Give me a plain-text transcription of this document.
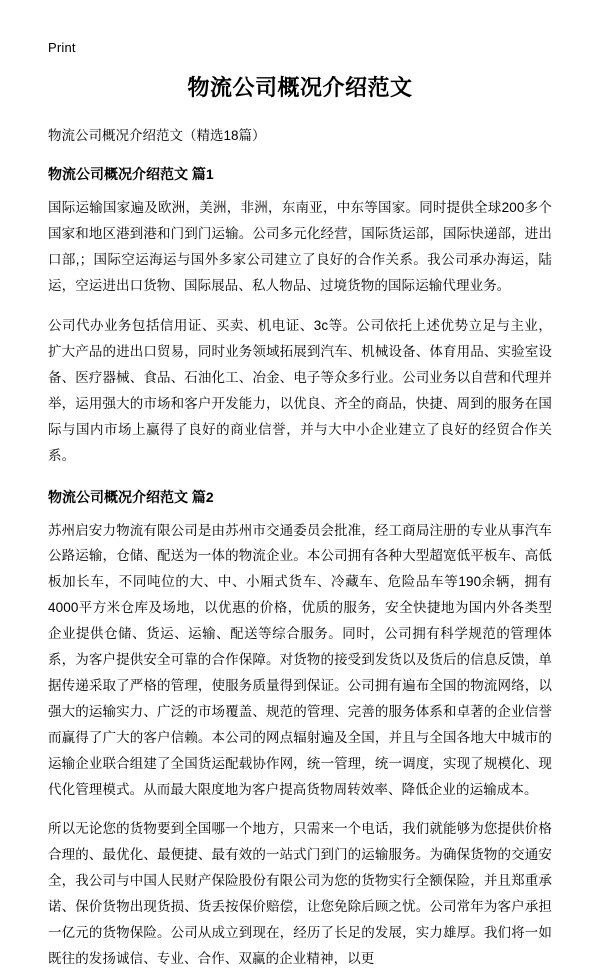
Print
物流公司概况介绍范文

物流公司概况介绍范文（精选18篇）

物流公司概况介绍范文 篇1

国际运输国家遍及欧洲，美洲，非洲，东南亚，中东等国家。同时提供全球200多个国家和地区港到港和门到门运输。公司多元化经营，国际货运部，国际快递部，进出口部,；国际空运海运与国外多家公司建立了良好的合作关系。我公司承办海运，陆运，空运进出口货物、国际展品、私人物品、过境货物的国际运输代理业务。

公司代办业务包括信用证、买卖、机电证、3c等。公司依托上述优势立足与主业，扩大产品的进出口贸易，同时业务领域拓展到汽车、机械设备、体育用品、实验室设备、医疗器械、食品、石油化工、冶金、电子等众多行业。公司业务以自营和代理并举，运用强大的市场和客户开发能力，以优良、齐全的商品，快捷、周到的服务在国际与国内市场上赢得了良好的商业信誉，并与大中小企业建立了良好的经贸合作关系。

物流公司概况介绍范文 篇2

苏州启安力物流有限公司是由苏州市交通委员会批准，经工商局注册的专业从事汽车公路运输，仓储、配送为一体的物流企业。本公司拥有各种大型超宽低平板车、高低板加长车，不同吨位的大、中、小厢式货车、冷藏车、危险品车等190余辆，拥有4000平方米仓库及场地，以优惠的价格，优质的服务，安全快捷地为国内外各类型企业提供仓储、货运、运输、配送等综合服务。同时，公司拥有科学规范的管理体系，为客户提供安全可靠的合作保障。对货物的接受到发货以及货后的信息反馈，单据传递采取了严格的管理，使服务质量得到保证。公司拥有遍布全国的物流网络，以强大的运输实力、广泛的市场覆盖、规范的管理、完善的服务体系和卓著的企业信誉而赢得了广大的客户信赖。本公司的网点辐射遍及全国，并且与全国各地大中城市的运输企业联合组建了全国货运配载协作网，统一管理，统一调度，实现了规模化、现代化管理模式。从而最大限度地为客户提高货物周转效率、降低企业的运输成本。

所以无论您的货物要到全国哪一个地方，只需来一个电话，我们就能够为您提供价格合理的、最优化、最便捷、最有效的一站式门到门的运输服务。为确保货物的交通安全，我公司与中国人民财产保险股份有限公司为您的货物实行全额保险，并且郑重承诺、保价货物出现货损、货丢按保价赔偿，让您免除后顾之忧。公司常年为客户承担一亿元的货物保险。公司从成立到现在，经历了长足的发展，实力雄厚。我们将一如既往的发扬诚信、专业、合作、双赢的企业精神，以更
